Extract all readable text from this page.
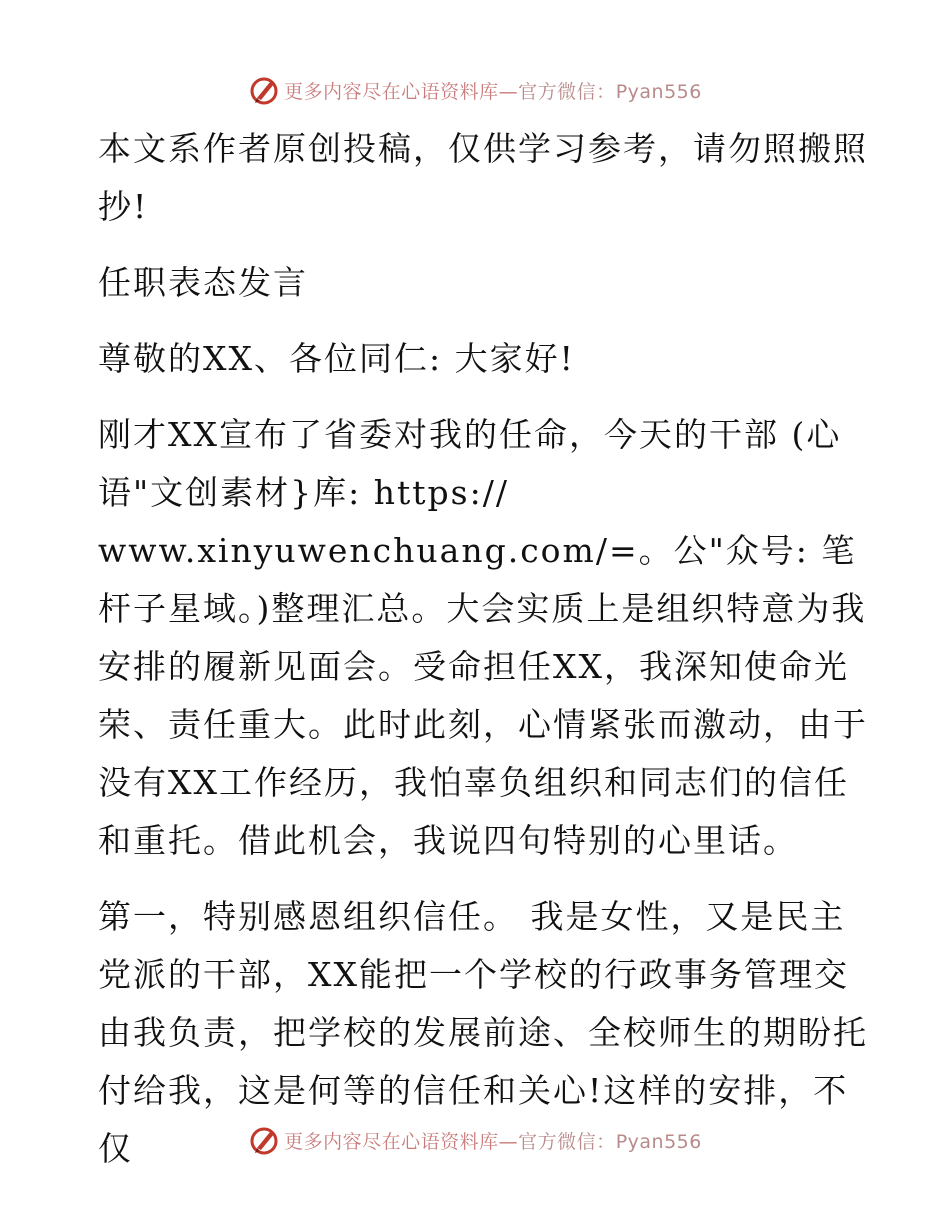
更多内容尽在心语资料库—官方微信：Pyan556

本文系作者原创投稿，仅供学习参考，请勿照搬照抄!

任职表态发言

尊敬的XX、各位同仁: 大家好!

刚才XX宣布了省委对我的任命，今天的干部 (心语"文创素材}库: https://
www.xinyuwenchuang.com/=。公"众号: 笔杆子星域。)整理汇总。大会实质上是组织特意为我安排的履新见面会。受命担任XX，我深知使命光荣、责任重大。此时此刻，心情紧张而激动，由于没有XX工作经历，我怕辜负组织和同志们的信任和重托。借此机会，我说四句特别的心里话。

第一，特别感恩组织信任。 我是女性，又是民主党派的干部，XX能把一个学校的行政事务管理交由我负责，把学校的发展前途、全校师生的期盼托付给我，这是何等的信任和关心!这样的安排，不仅	更多内容尽在心语资料库—官方微信：Pyan556
